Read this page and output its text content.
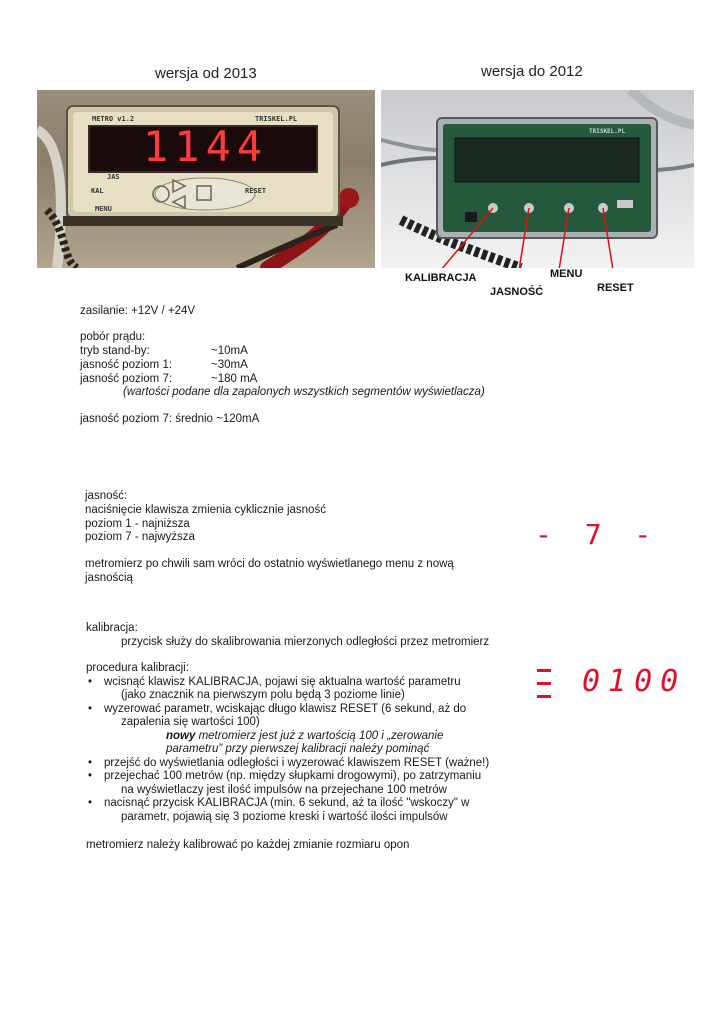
wersja od 2013	wersja do 2012
METRO v1.2	TRISKEL.PL
1144
JAS
KAL
MENU
RESET
TRISKEL.PL
KALIBRACJA
JASNOŚĆ
MENU
RESET
zasilanie: +12V / +24V
pobór prądu:
tryb stand-by:	~10mA
jasność poziom 1:	~30mA
jasność poziom 7:	~180 mA
(wartości podane dla zapalonych wszystkich segmentów wyświetlacza)
jasność poziom 7: średnio ~120mA
jasność:
naciśnięcie klawisza zmienia cyklicznie jasność
poziom 1 - najniższa
poziom 7 - najwyższa
metromierz po chwili sam wróci do ostatnio wyświetlanego menu z nową
jasnością
- 7 -
kalibracja:
przycisk służy do skalibrowania mierzonych odległości przez metromierz
procedura kalibracji:
• wcisnąć klawisz KALIBRACJA, pojawi się aktualna wartość parametru
(jako znacznik na pierwszym polu będą 3 poziome linie)
• wyzerować parametr, wciskając długo klawisz RESET (6 sekund, aż do
zapalenia się wartości 100)
nowy metromierz jest już z wartością 100 i „zerowanie
parametru” przy pierwszej kalibracji należy pominąć
• przejść do wyświetlania odległości i wyzerować klawiszem RESET (ważne!)
• przejechać 100 metrów (np. między słupkami drogowymi), po zatrzymaniu
na wyświetlaczy jest ilość impulsów na przejechane 100 metrów
• nacisnąć przycisk KALIBRACJA (min. 6 sekund, aż ta ilość "wskoczy" w
parametr, pojawią się 3 poziome kreski i wartość ilości impulsów
metromierz należy kalibrować po każdej zmianie rozmiaru opon
0100
